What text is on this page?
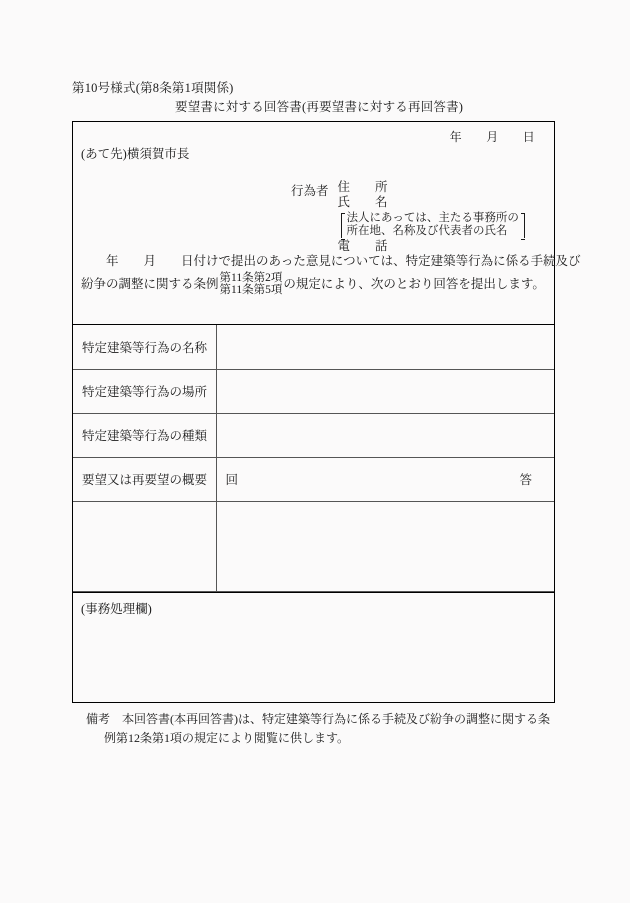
第10号様式(第8条第1項関係)
要望書に対する回答書(再要望書に対する再回答書)
年　　月　　日
(あて先)横須賀市長
行為者 住　　所
氏　　名
法人にあっては、主たる事務所の
所在地、名称及び代表者の氏名
電　　話
　　年　　月　　日付けで提出のあった意見については、特定建築等行為に係る手続及び
紛争の調整に関する条例 第11条第2項
第11条第5項 の規定により、次のとおり回答を提出します。
特定建築等行為の名称	
特定建築等行為の場所	
特定建築等行為の種類	
要望又は再要望の概要	回 答

(事務処理欄)
備考　本回答書(本再回答書)は、特定建築等行為に係る手続及び紛争の調整に関する条
例第12条第1項の規定により閲覧に供します。
